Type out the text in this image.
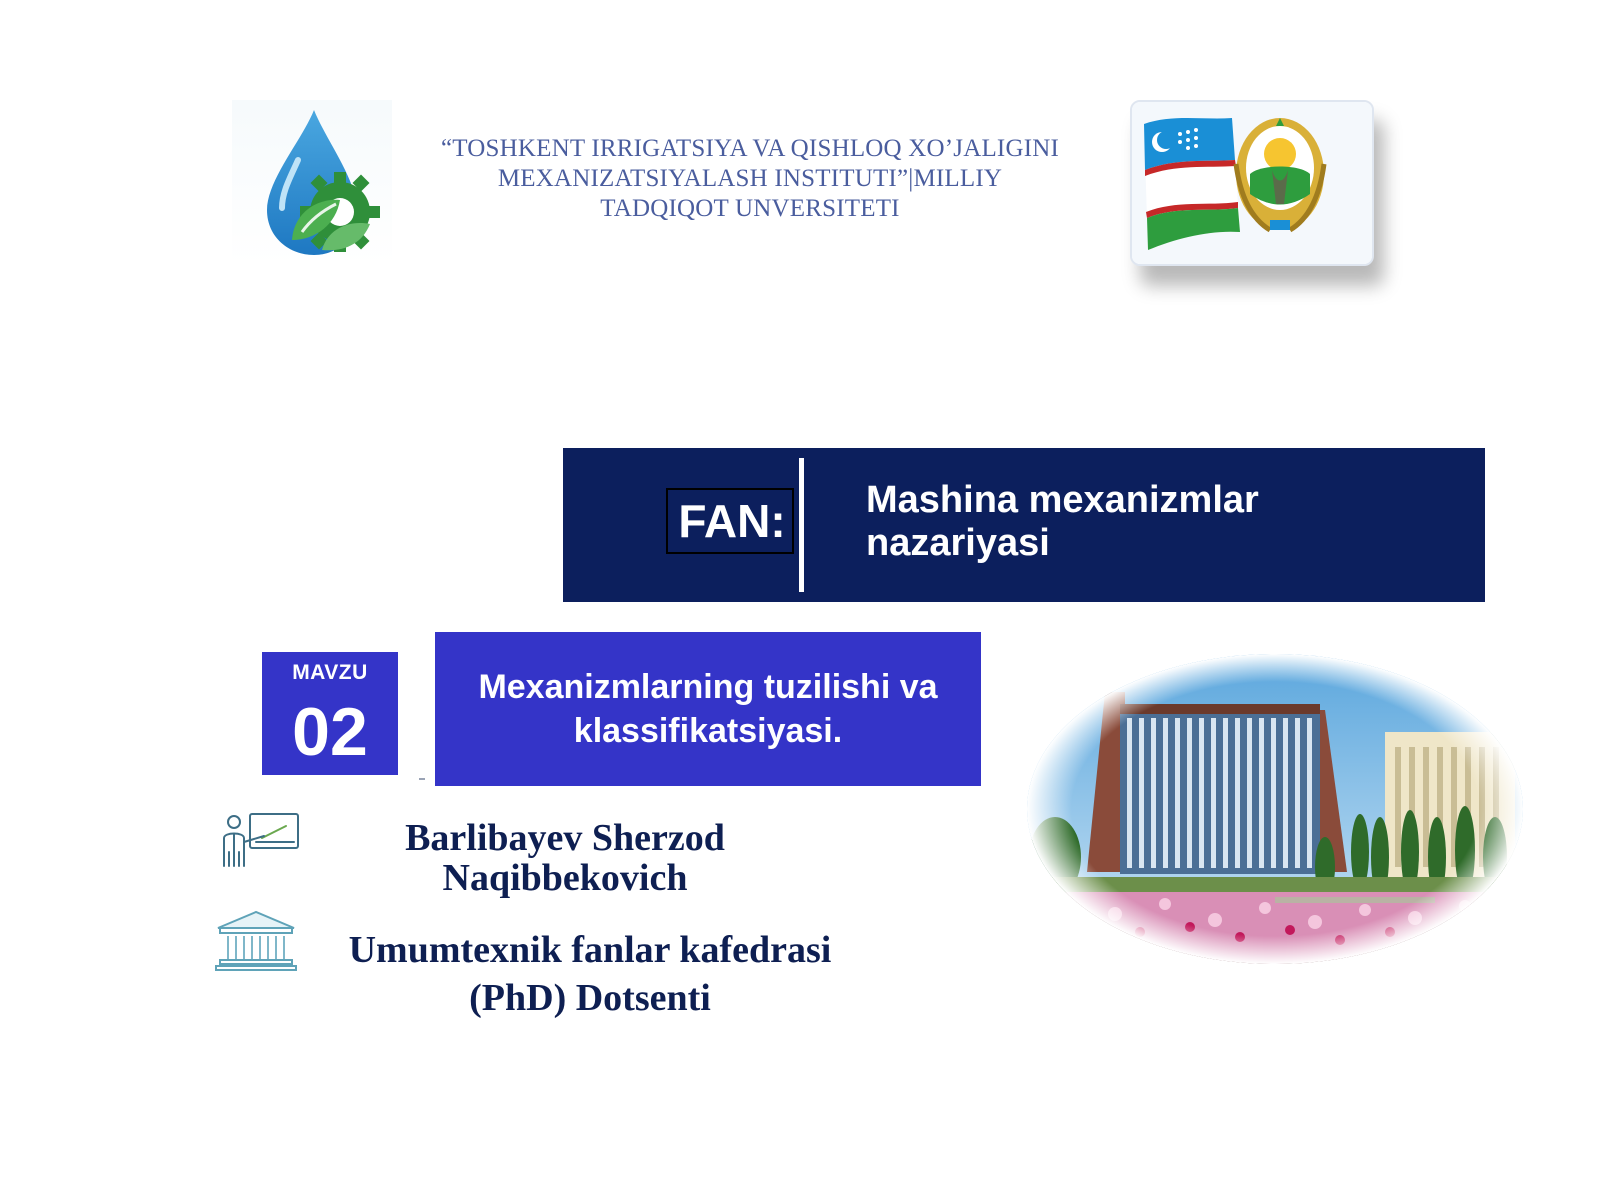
“TOSHKENT IRRIGATSIYA VA QISHLOQ XO’JALIGINI
MEXANIZATSIYALASH INSTITUTI”|MILLIY
TADQIQOT UNVERSITETI
FAN: Mashina mexanizmlar
nazariyasi
MAVZU
02
Mexanizmlarning tuzilishi va
klassifikatsiyasi.
Barlibayev Sherzod
Naqibbekovich
Umumtexnik fanlar kafedrasi
(PhD) Dotsenti
